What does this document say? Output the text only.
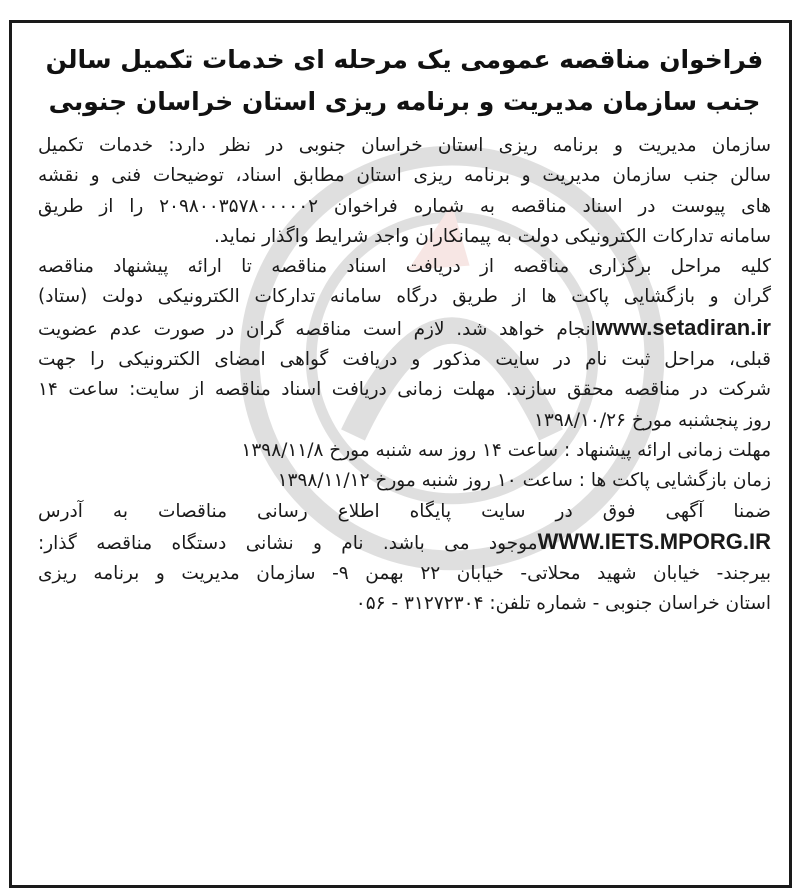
فراخوان مناقصه عمومی یک مرحله ای خدمات تکمیل سالن
جنب سازمان مدیریت و برنامه ریزی استان خراسان جنوبی
سازمان مدیریت و برنامه ریزی استان خراسان جنوبی در نظر دارد: خدمات تکمیل
سالن جنب سازمان مدیریت و برنامه ریزی استان مطابق اسناد، توضیحات فنی و نقشه
های پیوست در اسناد مناقصه به شماره فراخوان ۲۰۹۸۰۰۳۵۷۸۰۰۰۰۰۲ را از طریق
سامانه تدارکات الکترونیکی دولت به پیمانکاران واجد شرایط واگذار نماید.
کلیه مراحل برگزاری مناقصه از دریافت اسناد مناقصه تا ارائه پیشنهاد مناقصه
گران و بازگشایی پاکت ها از طریق درگاه سامانه تدارکات الکترونیکی دولت (ستاد)
www.setadiran.irانجام خواهد شد. لازم است مناقصه گران در صورت عدم عضویت
قبلی، مراحل ثبت نام در سایت مذکور و دریافت گواهی امضای الکترونیکی را جهت
شرکت در مناقصه محقق سازند. مهلت زمانی دریافت اسناد مناقصه از سایت: ساعت ۱۴
روز پنجشنبه مورخ ۱۳۹۸/۱۰/۲۶
مهلت زمانی ارائه پیشنهاد : ساعت ۱۴ روز سه شنبه مورخ ۱۳۹۸/۱۱/۸
زمان بازگشایی پاکت ها : ساعت ۱۰ روز شنبه مورخ ۱۳۹۸/۱۱/۱۲
ضمنا آگهی فوق در سایت پایگاه اطلاع رسانی مناقصات به آدرس
WWW.IETS.MPORG.IRموجود می باشد. نام و نشانی دستگاه مناقصه گذار:
بیرجند- خیابان شهید محلاتی- خیابان ۲۲ بهمن ۹- سازمان مدیریت و برنامه ریزی
استان خراسان جنوبی - شماره تلفن: ۳۱۲۷۲۳۰۴ - ۰۵۶
